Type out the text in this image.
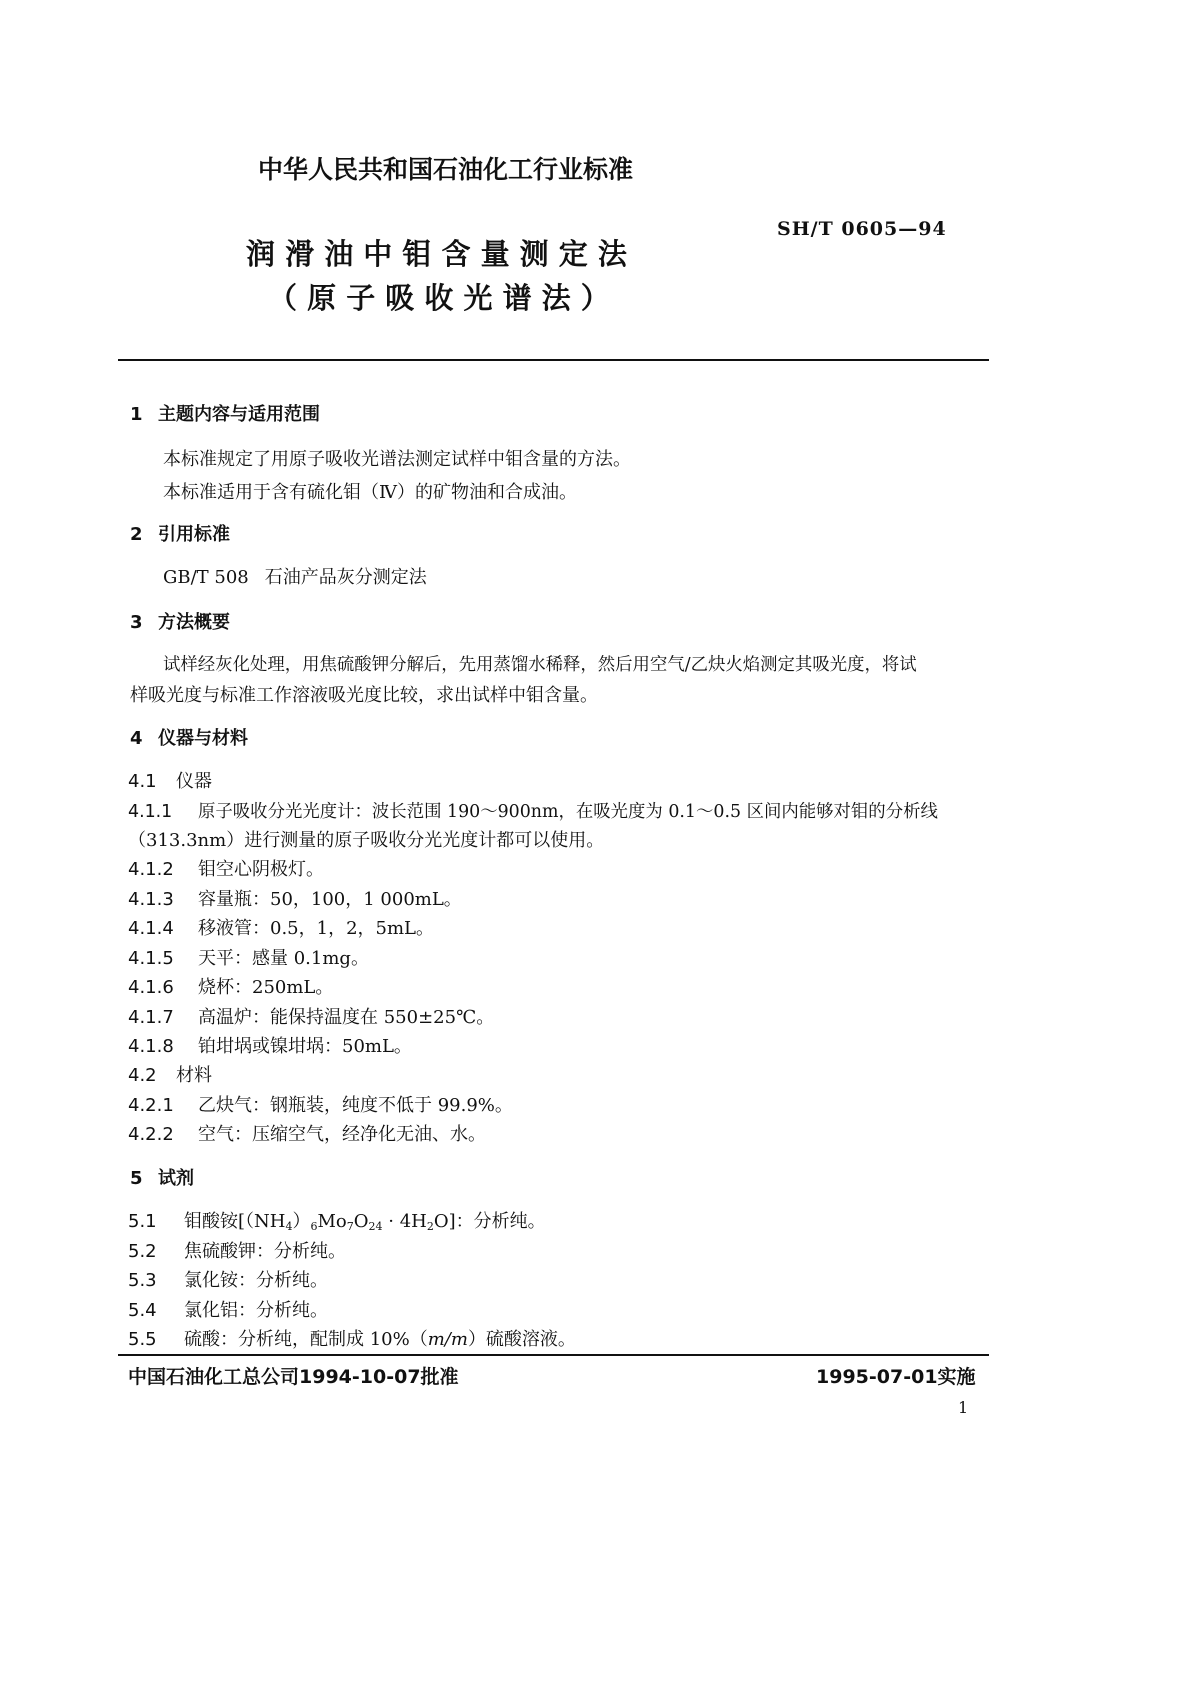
中华人民共和国石油化工行业标准
SH/T 0605—94
润 滑 油 中 钼 含 量 测 定 法
（ 原 子 吸 收 光 谱 法 ）
1 主题内容与适用范围
本标准规定了用原子吸收光谱法测定试样中钼含量的方法。
本标准适用于含有硫化钼（Ⅳ）的矿物油和合成油。
2 引用标准
GB/T 508 石油产品灰分测定法
3 方法概要
试样经灰化处理，用焦硫酸钾分解后，先用蒸馏水稀释，然后用空气/乙炔火焰测定其吸光度，将试
样吸光度与标准工作溶液吸光度比较，求出试样中钼含量。
4 仪器与材料
4.1 仪器
4.1.1 原子吸收分光光度计：波长范围 190～900nm，在吸光度为 0.1～0.5 区间内能够对钼的分析线
（313.3nm）进行测量的原子吸收分光光度计都可以使用。
4.1.2 钼空心阴极灯。
4.1.3 容量瓶：50，100，1 000mL。
4.1.4 移液管：0.5，1，2，5mL。
4.1.5 天平：感量 0.1mg。
4.1.6 烧杯：250mL。
4.1.7 高温炉：能保持温度在 550±25℃。
4.1.8 铂坩埚或镍坩埚：50mL。
4.2 材料
4.2.1 乙炔气：钢瓶装，纯度不低于 99.9%。
4.2.2 空气：压缩空气，经净化无油、水。
5 试剂
5.1 钼酸铵$[(NH_4)_6Mo_7O_{24} \cdot 4H_2O]$：分析纯。
5.2 焦硫酸钾：分析纯。
5.3 氯化铵：分析纯。
5.4 氯化铝：分析纯。
5.5 硫酸：分析纯，配制成 10%（m/m）硫酸溶液。
中国石油化工总公司1994-10-07批准	1995-07-01实施
1
